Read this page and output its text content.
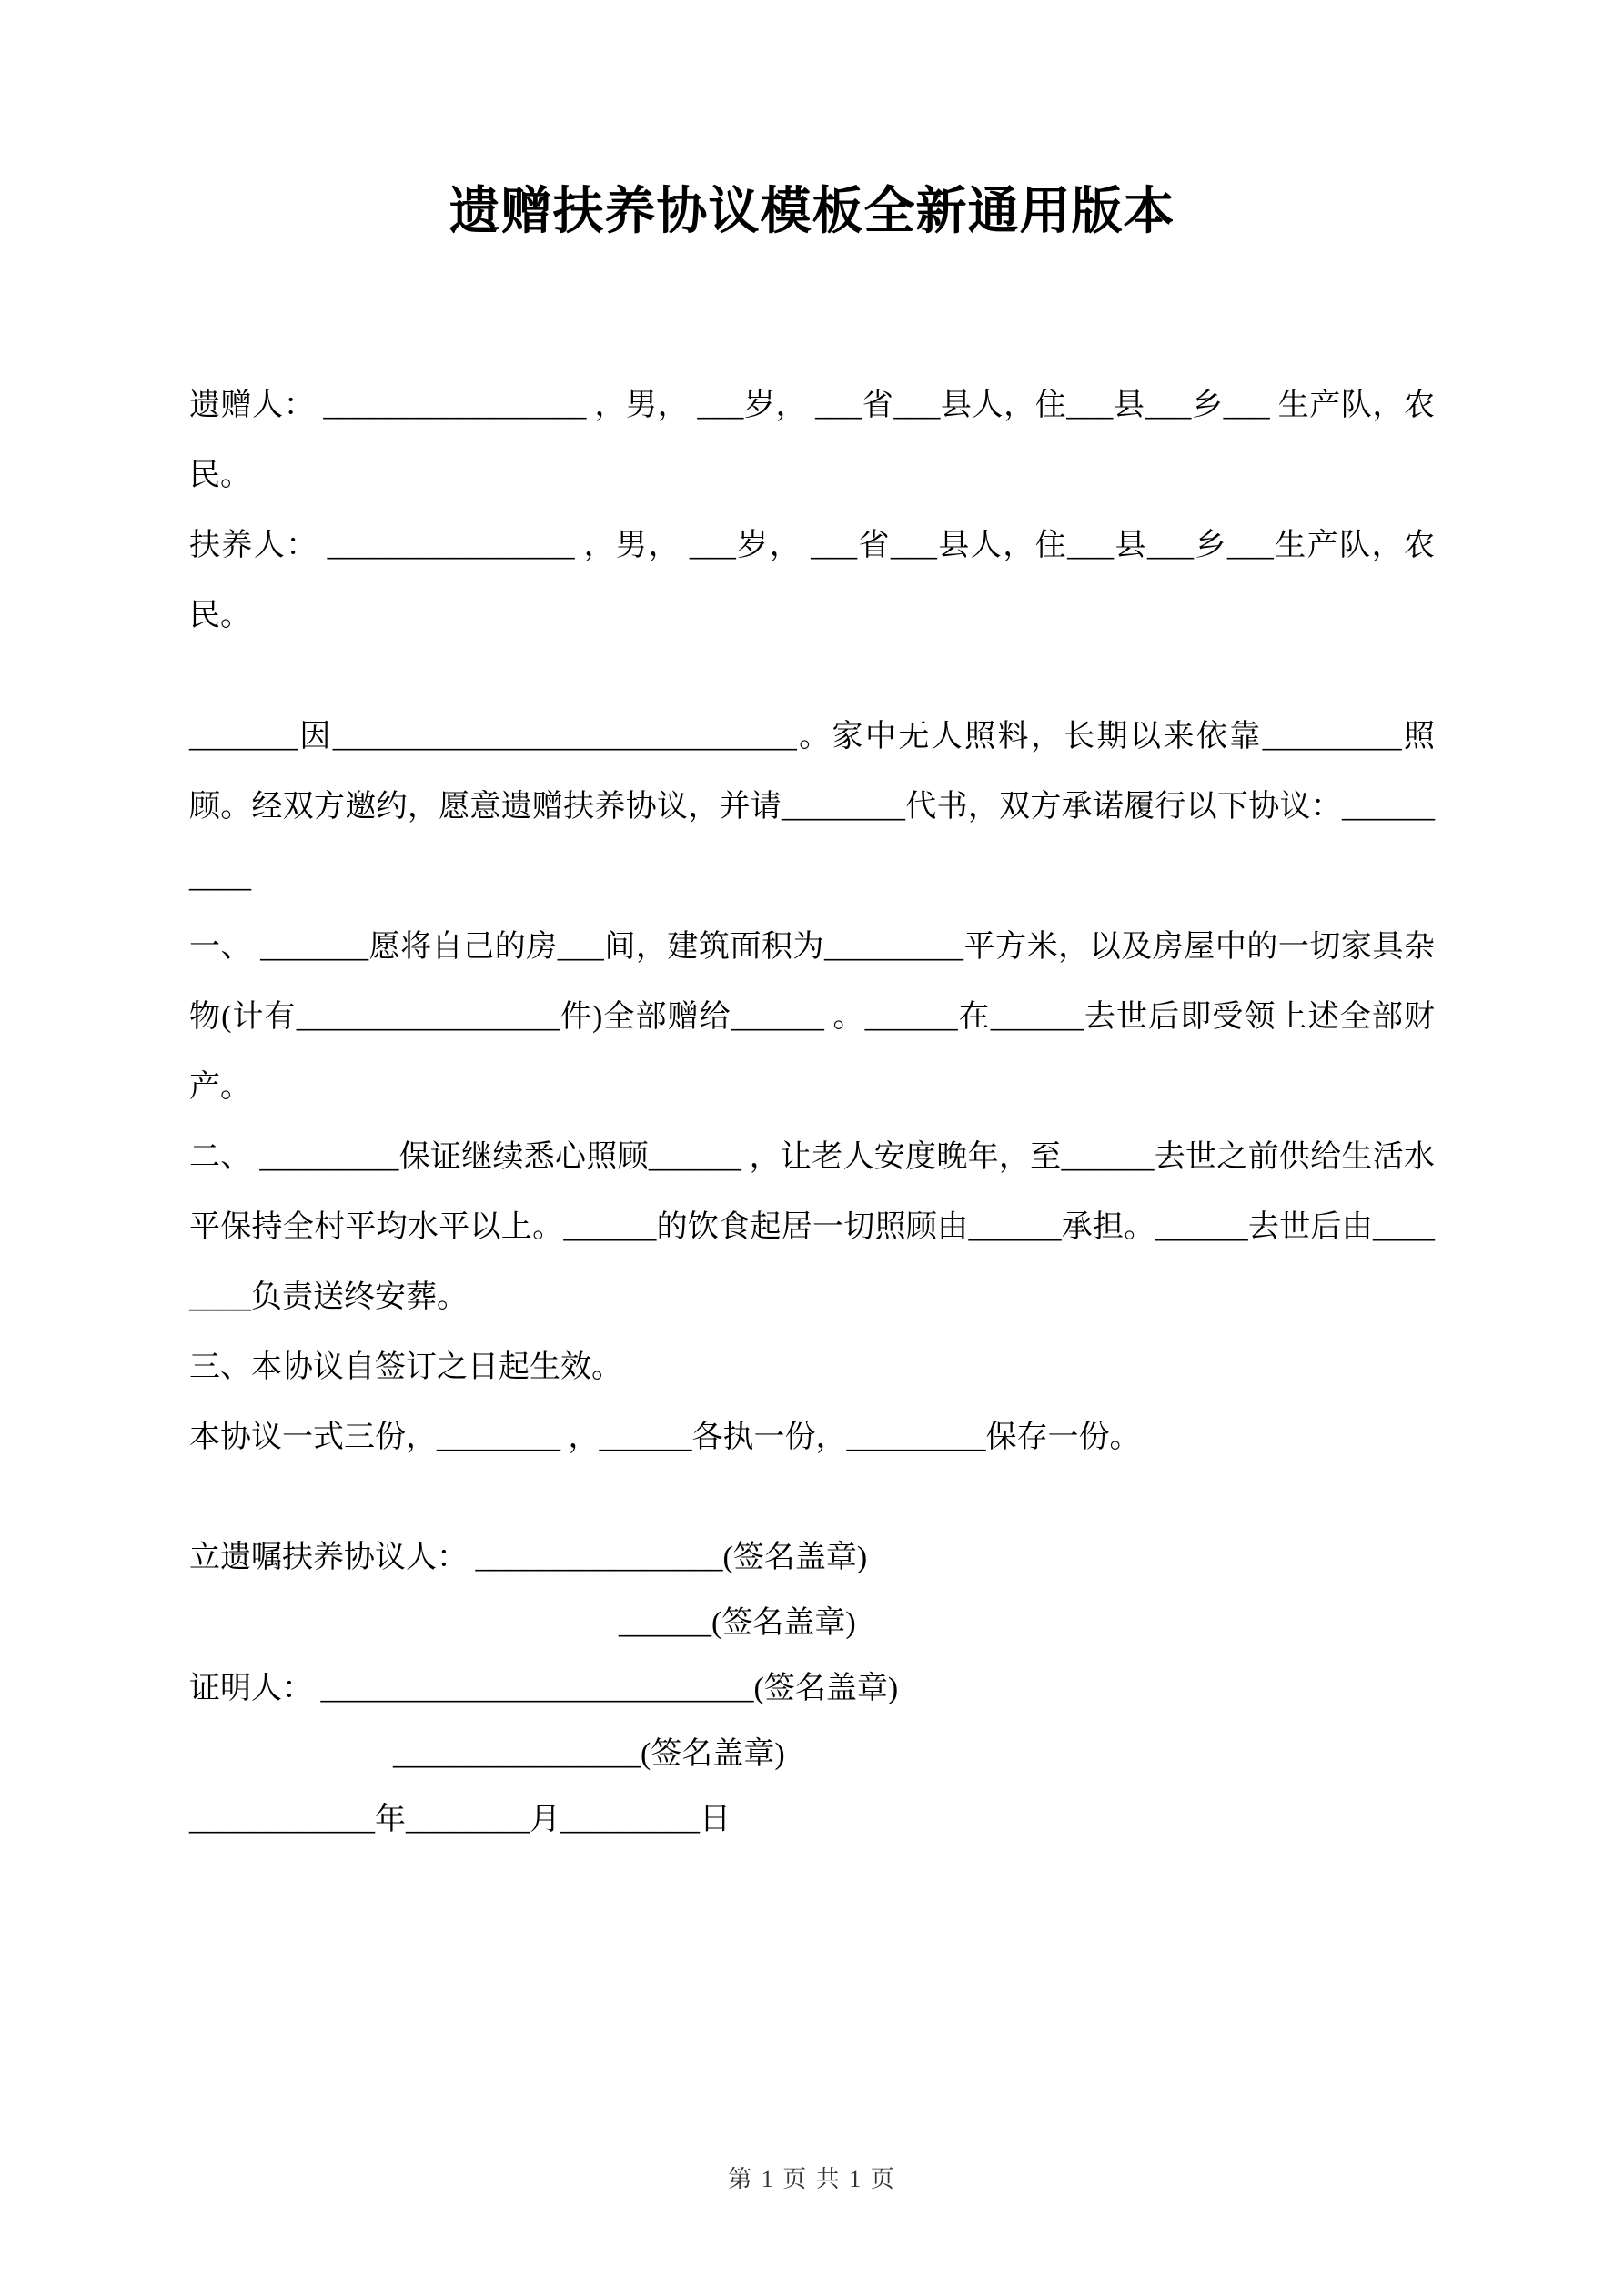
遗赠扶养协议模板全新通用版本

遗赠人： _________________ ，男， ___岁， ___省___县人，住___县___乡___ 生产队，农民。

扶养人： ________________ ，男， ___岁， ___省___县人，住___县___乡___生产队，农民。

_______因______________________________。家中无人照料，长期以来依靠_________照顾。经双方邀约，愿意遗赠扶养协议，并请________代书，双方承诺履行以下协议：__________

一、 _______愿将自己的房___间，建筑面积为_________平方米，以及房屋中的一切家具杂物(计有_________________件)全部赠给______ 。______在______去世后即受领上述全部财产。

二、 _________保证继续悉心照顾______ ，让老人安度晚年，至______去世之前供给生活水平保持全村平均水平以上。______的饮食起居一切照顾由______承担。______去世后由________负责送终安葬。

三、本协议自签订之日起生效。

本协议一式三份，________ ，______各执一份，_________保存一份。

立遗嘱扶养协议人： ________________(签名盖章)

______(签名盖章)

证明人： ____________________________(签名盖章)

________________(签名盖章)

____________年________月_________日

第 1 页 共 1 页
